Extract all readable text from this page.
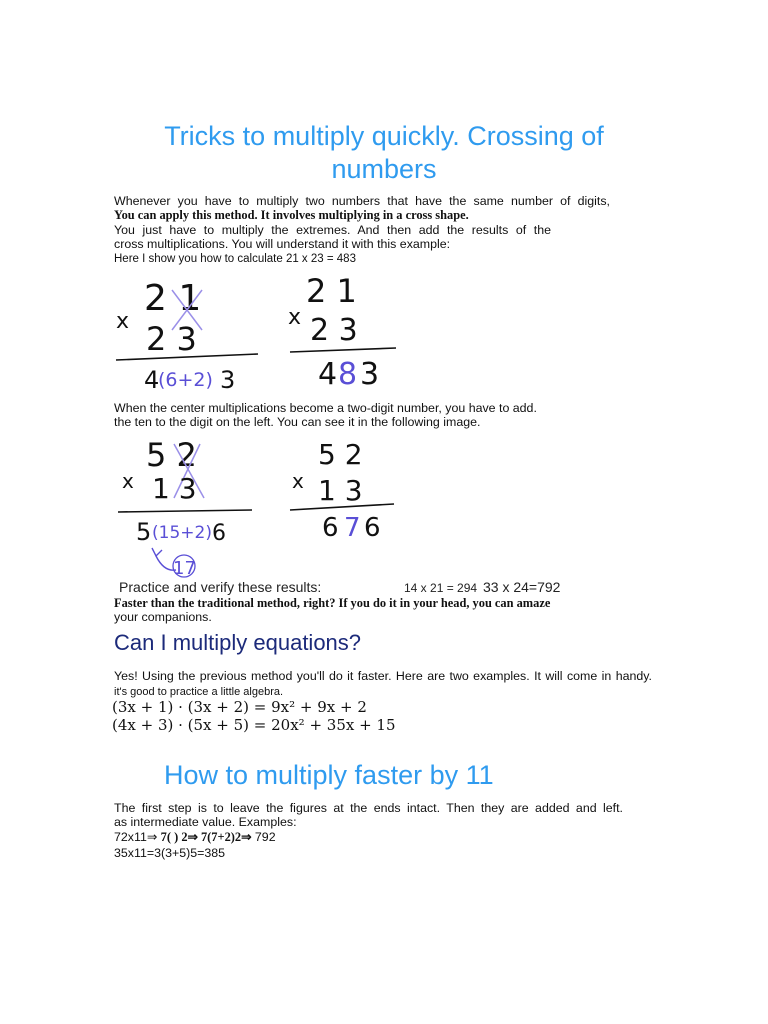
Tricks to multiply quickly. Crossing of numbers
Whenever you have to multiply two numbers that have the same number of digits,
You can apply this method. It involves multiplying in a cross shape.
You just have to multiply the extremes. And then add the results of the
cross multiplications. You will understand it with this example:
Here I show you how to calculate 21 x 23 = 483
2 1
x 2 3
4
(6+2) 3
2 1
x 2 3
4 8 3
When the center multiplications become a two-digit number, you have to add.
the ten to the digit on the left. You can see it in the following image.
5 2
x 1 3
5 (15+2) 6
17
5 2
x 1 3
6 7 6
Practice and verify these results:	14 x 21 = 294 33 x 24=792
Faster than the traditional method, right? If you do it in your head, you can amaze
your companions.
Can I multiply equations?
Yes! Using the previous method you'll do it faster. Here are two examples. It will come in handy.
it's good to practice a little algebra.
(3x + 1) · (3x + 2) = 9x² + 9x + 2
(4x + 3) · (5x + 5) = 20x² + 35x + 15
How to multiply faster by 11
The first step is to leave the figures at the ends intact. Then they are added and left.
as intermediate value. Examples:
72x11⇒ 7( ) 2⇒ 7(7+2)2⇒ 792
35x11=3(3+5)5=385
